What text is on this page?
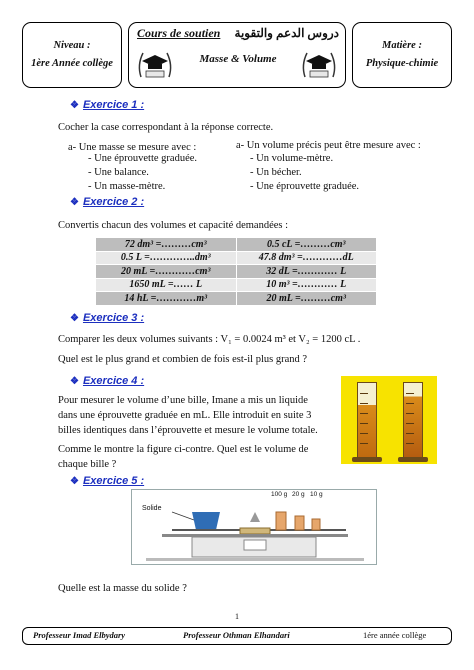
Niveau :
1ère Année collège
Cours de soutien دروس الدعم والتقوية
Masse & Volume
Matière :
Physique-chimie
❖ Exercice 1 :
Cocher la case correspondant à la réponse correcte.
a- Une masse se mesure avec :
- Une éprouvette graduée.
- Une balance.
- Un masse-mètre.
a- Un volume précis peut être mesure avec :
- Un volume-mètre.
- Un bécher.
- Une éprouvette graduée.
❖ Exercice 2 :
Convertis chacun des volumes et capacité demandées :
72 dm³ =………cm³	0.5 cL =………cm³
0.5 L =…………..dm³	47.8 dm³ =…………dL
20 mL =…………cm³	32 dL =………… L
1650 mL =…… L	10 m³ =………… L
14 hL =…………m³	20 mL =………cm³
❖ Exercice 3 :
Comparer les deux volumes suivants : V₁ = 0.0024 m³ et V₂ = 1200 cL .
Quel est le plus grand et combien de fois est-il plus grand ?
❖ Exercice 4 :
Pour mesurer le volume d’une bille, Imane a mis un liquide
dans une éprouvette graduée en mL. Elle introduit en suite 3
billes identiques dans l’éprouvette et mesure le volume totale.
Comme le montre la figure ci-contre. Quel est le volume de
chaque bille ?
❖ Exercice 5 :
Solide
100 g 20 g 10 g
Quelle est la masse du solide ?
1
Professeur Imad Elbydary	Professeur Othman Elhandari	1ére année collège
